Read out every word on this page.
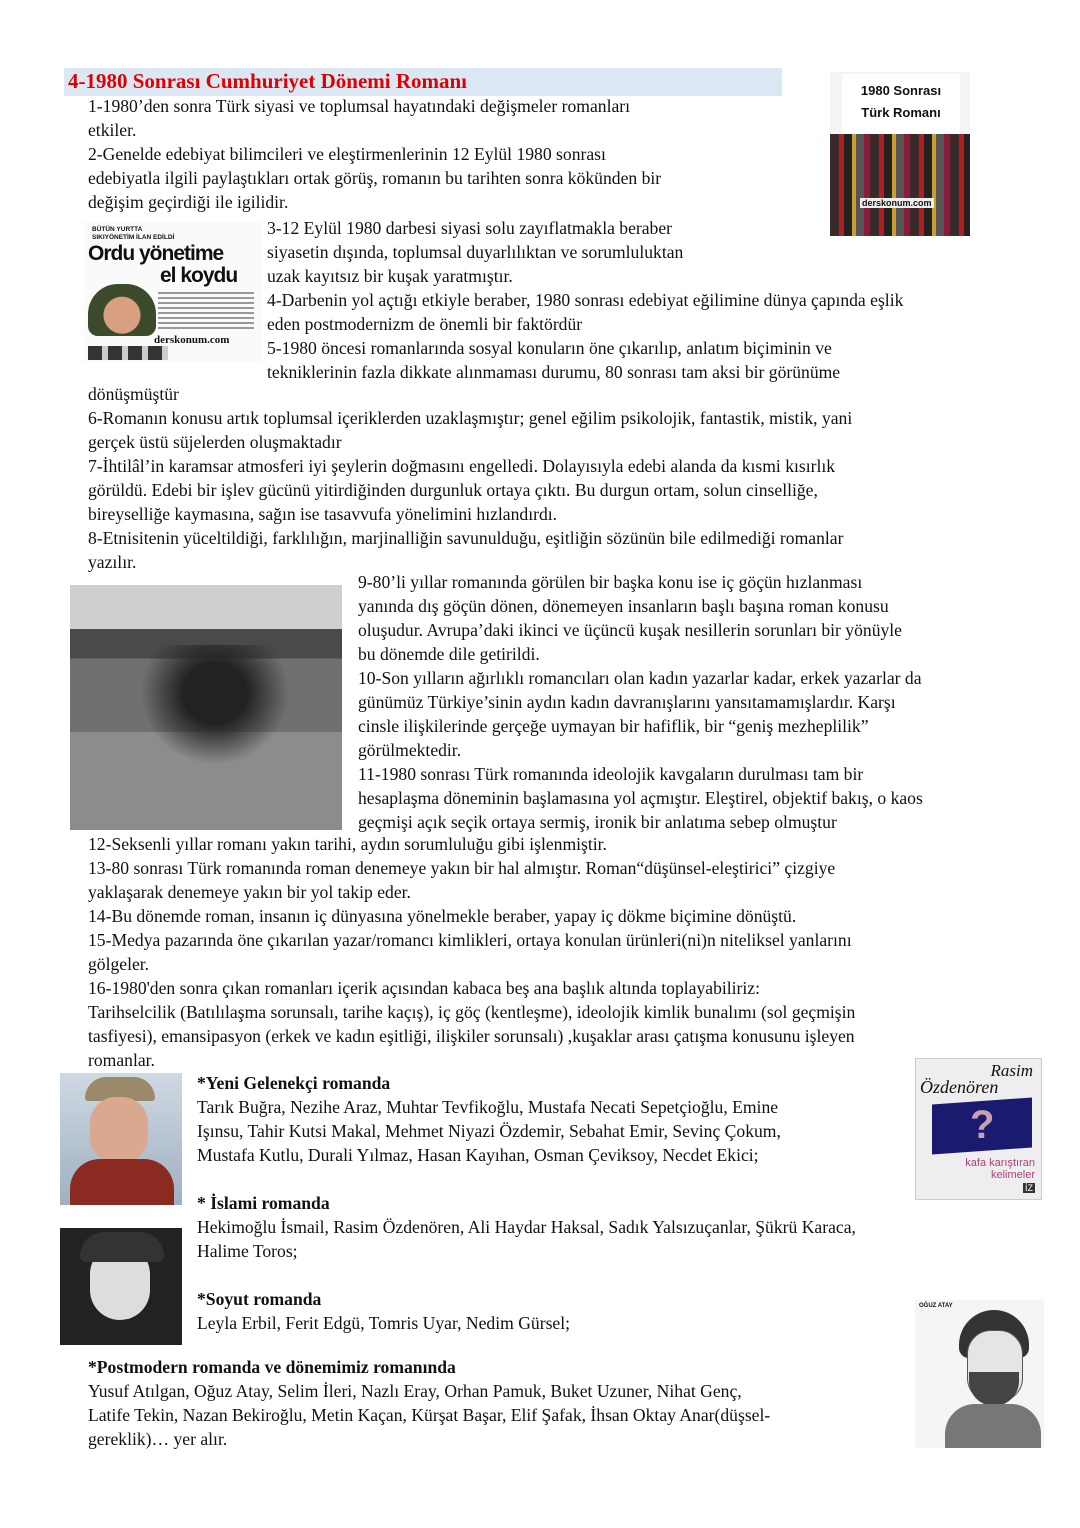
4-1980 Sonrası Cumhuriyet Dönemi Romanı
1-1980’den sonra Türk siyasi ve toplumsal hayatındaki değişmeler romanları
etkiler.
2-Genelde edebiyat bilimcileri ve eleştirmenlerinin 12 Eylül 1980 sonrası
edebiyatla ilgili paylaştıkları ortak görüş, romanın bu tarihten sonra kökünden bir
değişim geçirdiği ile igilidir.
3-12 Eylül 1980 darbesi siyasi solu zayıflatmakla beraber
siyasetin dışında, toplumsal duyarlılıktan ve sorumluluktan
uzak kayıtsız bir kuşak yaratmıştır.
4-Darbenin yol açtığı etkiyle beraber, 1980 sonrası edebiyat eğilimine dünya çapında eşlik
eden postmodernizm de önemli bir faktördür
5-1980 öncesi romanlarında sosyal konuların öne çıkarılıp, anlatım biçiminin ve
tekniklerinin fazla dikkate alınmaması durumu, 80 sonrası tam aksi bir görünüme
dönüşmüştür
6-Romanın konusu artık toplumsal içeriklerden uzaklaşmıştır; genel eğilim psikolojik, fantastik, mistik, yani
gerçek üstü süjelerden oluşmaktadır
7-İhtilâl’in karamsar atmosferi iyi şeylerin doğmasını engelledi. Dolayısıyla edebi alanda da kısmi kısırlık
görüldü. Edebi bir işlev gücünü yitirdiğinden durgunluk ortaya çıktı. Bu durgun ortam, solun cinselliğe,
bireyselliğe kaymasına, sağın ise tasavvufa yönelimini hızlandırdı.
8-Etnisitenin yüceltildiği, farklılığın, marjinalliğin savunulduğu, eşitliğin sözünün bile edilmediği romanlar
yazılır.
9-80’li yıllar romanında görülen bir başka konu ise iç göçün hızlanması
yanında dış göçün dönen, dönemeyen insanların başlı başına roman konusu
oluşudur. Avrupa’daki ikinci ve üçüncü kuşak nesillerin sorunları bir yönüyle
bu dönemde dile getirildi.
10-Son yılların ağırlıklı romancıları olan kadın yazarlar kadar, erkek yazarlar da
günümüz Türkiye’sinin aydın kadın davranışlarını yansıtamamışlardır. Karşı
cinsle ilişkilerinde gerçeğe uymayan bir hafiflik, bir “geniş mezheplilik”
görülmektedir.
11-1980 sonrası Türk romanında ideolojik kavgaların durulması tam bir
hesaplaşma döneminin başlamasına yol açmıştır. Eleştirel, objektif bakış, o kaos
geçmişi açık seçik ortaya sermiş, ironik bir anlatıma sebep olmuştur
12-Seksenli yıllar romanı yakın tarihi, aydın sorumluluğu gibi işlenmiştir.
13-80 sonrası Türk romanında roman denemeye yakın bir hal almıştır. Roman“düşünsel-eleştirici” çizgiye
yaklaşarak denemeye yakın bir yol takip eder.
14-Bu dönemde roman, insanın iç dünyasına yönelmekle beraber, yapay iç dökme biçimine dönüştü.
15-Medya pazarında öne çıkarılan yazar/romancı kimlikleri, ortaya konulan ürünleri(ni)n niteliksel yanlarını
gölgeler.
16-1980'den sonra çıkan romanları içerik açısından kabaca beş ana başlık altında toplayabiliriz:
Tarihselcilik (Batılılaşma sorunsalı, tarihe kaçış), iç göç (kentleşme), ideolojik kimlik bunalımı (sol geçmişin
tasfiyesi), emansipasyon (erkek ve kadın eşitliği, ilişkiler sorunsalı) ,kuşaklar arası çatışma konusunu işleyen
romanlar.
*Yeni Gelenekçi romanda
Tarık Buğra, Nezihe Araz, Muhtar Tevfikoğlu, Mustafa Necati Sepetçioğlu, Emine
Işınsu, Tahir Kutsi Makal, Mehmet Niyazi Özdemir, Sebahat Emir, Sevinç Çokum,
Mustafa Kutlu, Durali Yılmaz, Hasan Kayıhan, Osman Çeviksoy, Necdet Ekici;
* İslami romanda
Hekimoğlu İsmail, Rasim Özdenören, Ali Haydar Haksal, Sadık Yalsızuçanlar, Şükrü Karaca,
Halime Toros;
*Soyut romanda
Leyla Erbil, Ferit Edgü, Tomris Uyar, Nedim Gürsel;
*Postmodern romanda ve dönemimiz romanında
Yusuf Atılgan, Oğuz Atay, Selim İleri, Nazlı Eray, Orhan Pamuk, Buket Uzuner, Nihat Genç,
Latife Tekin, Nazan Bekiroğlu, Metin Kaçan, Kürşat Başar, Elif Şafak, İhsan Oktay Anar(düşsel-
gereklik)… yer alır.
1980 Sonrası
Türk Romanı
derskonum.com
BÜTÜN YURTTA SIKIYÖNETİM İLAN EDİLDİ
Ordu yönetime
el koydu
derskonum.com
Rasim
Özdenören
?
kafa karıştıran
kelimeler
İZ
OĞUZ ATAY
